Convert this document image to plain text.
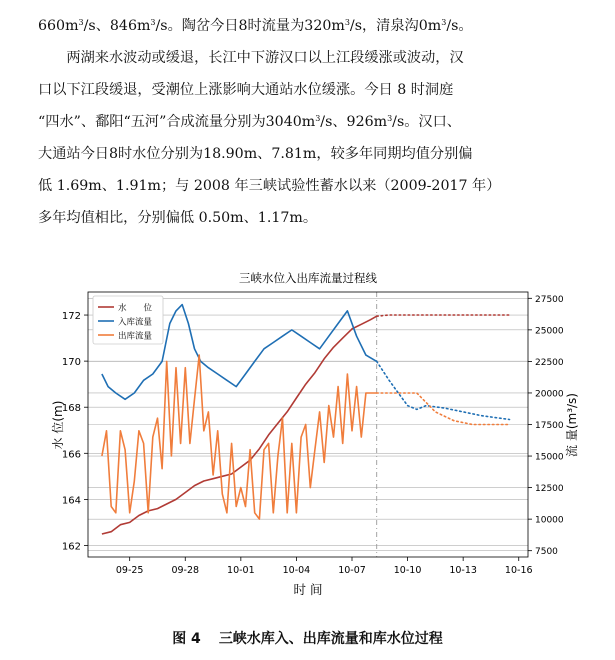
$660m^3/s$、$846m^3/s$。陶岔今日8时流量为$320m^3/s$，清泉沟$0m^3/s$。

两湖来水波动或缓退，长江中下游汉口以上江段缓涨或波动，汉

口以下江段缓退，受潮位上涨影响大通站水位缓涨。今日 8 时洞庭

“四水”、鄱阳“五河”合成流量分别为$3040m^3/s$、$926m^3/s$。汉口、

大通站今日8时水位分别为18.90m、7.81m，较多年同期均值分别偏

低 1.69m、1.91m；与 2008 年三峡试验性蓄水以来（2009-2017 年）

多年均值相比，分别偏低 0.50m、1.17m。

三峡水位入出库流量过程线
162
164
166
168
170
172
7500
10000
12500
15000
17500
20000
22500
25000
27500
09-25	09-28	10-01	10-04	10-07	10-10	10-13	10-16
水　　位
入库流量
出库流量
水 位(m)	流 量(m³/s)
时 间
图 4 三峡水库入、出库流量和库水位过程
